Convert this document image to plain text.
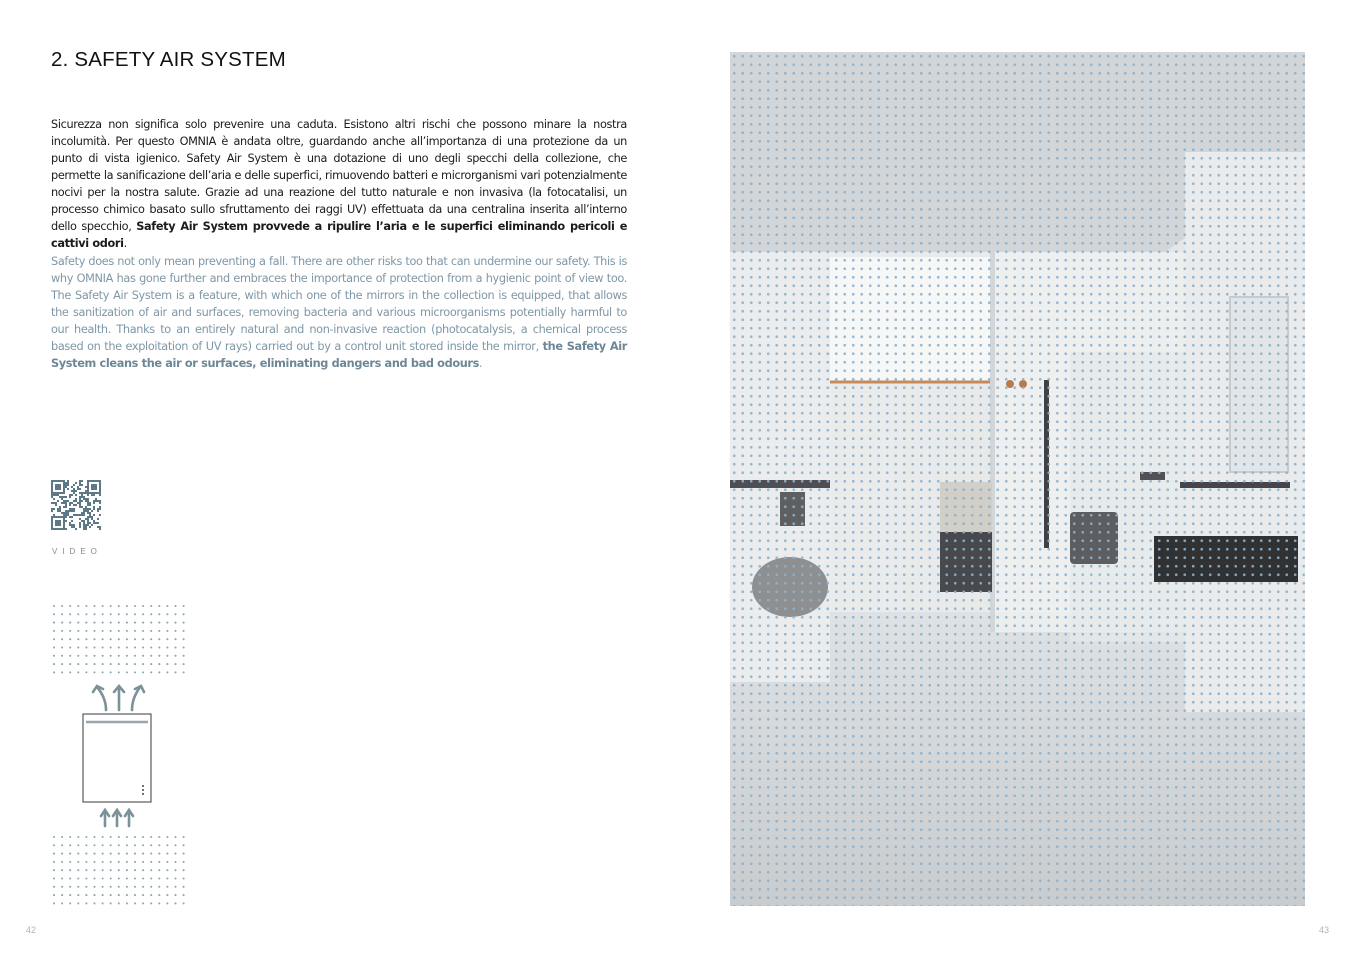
2. SAFETY AIR SYSTEM

Sicurezza non significa solo prevenire una caduta. Esistono altri rischi che possono minare la nostra incolumità. Per questo OMNIA è andata oltre, guardando anche all’importanza di una protezione da un punto di vista igienico. Safety Air System è una dotazione di uno degli specchi della collezione, che permette la sanificazione dell’aria e delle superfici, rimuovendo batteri e microrganismi vari potenzialmente nocivi per la nostra salute. Grazie ad una reazione del tutto naturale e non invasiva (la fotocatalisi, un processo chimico basato sullo sfruttamento dei raggi UV) effettuata da una centralina inserita all’interno dello specchio, Safety Air System provvede a ripulire l’aria e le superfici eliminando pericoli e cattivi odori.

Safety does not only mean preventing a fall. There are other risks too that can undermine our safety. This is why OMNIA has gone further and embraces the importance of protection from a hygienic point of view too. The Safety Air System is a feature, with which one of the mirrors in the collection is equipped, that allows the sanitization of air and surfaces, removing bacteria and various microorganisms potentially harmful to our health. Thanks to an entirely natural and non-invasive reaction (photocatalysis, a chemical process based on the exploitation of UV rays) carried out by a control unit stored inside the mirror, the Safety Air System cleans the air or surfaces, eliminating dangers and bad odours.

VIDEO
42	43
